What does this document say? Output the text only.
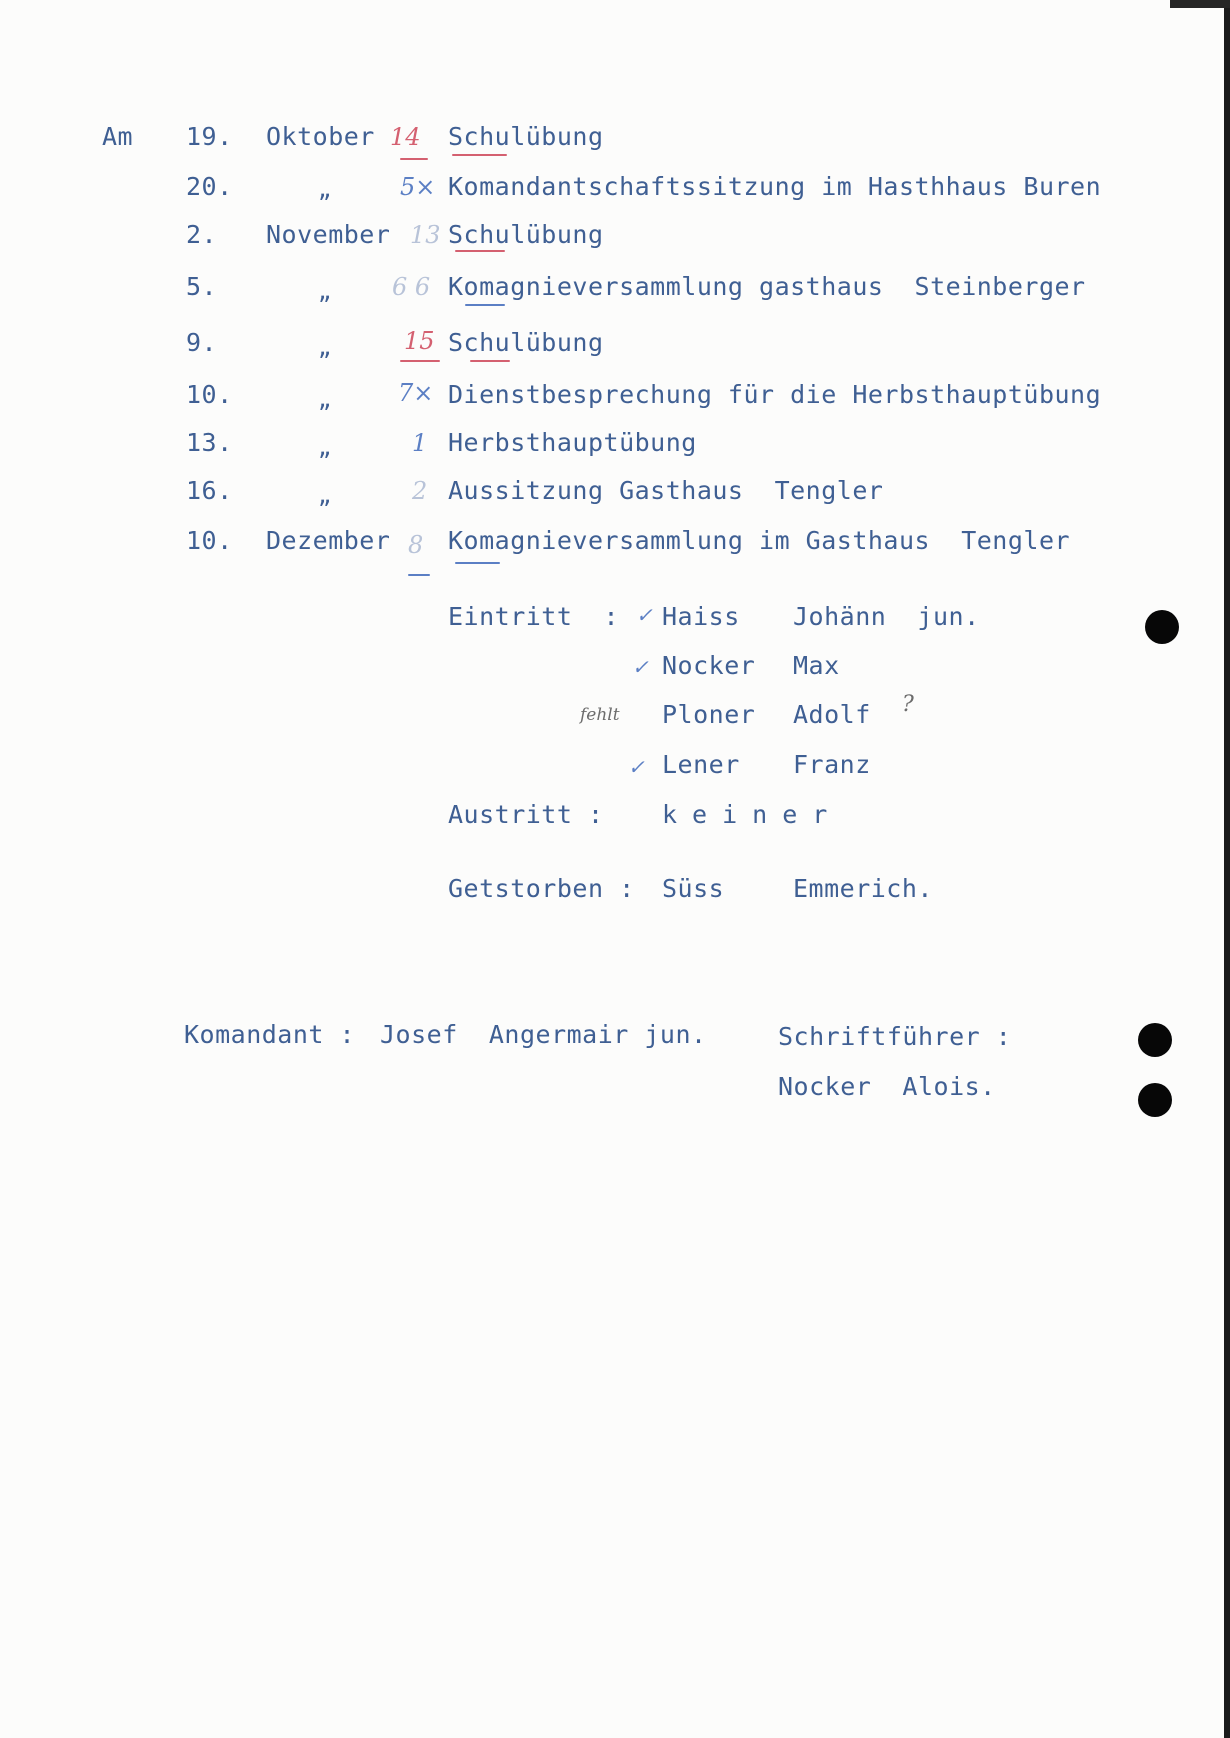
Am 19. Oktober 14 Schulübung
20.	„	5× Komandantschaftssitzung im Hasthhaus Buren
2. November 13 Schulübung
5.	„	6 6 Komagnieversammlung gasthaus  Steinberger
9.	„	15 Schulübung
10.	„	7× Dienstbesprechung für die Herbsthauptübung
13.	„	1 Herbsthauptübung
16.	„	2 Aussitzung Gasthaus  Tengler
10. Dezember 8 Komagnieversammlung im Gasthaus  Tengler
Eintritt  : ✓ Haiss Johänn  jun.
✓ Nocker Max
fehlt Ploner Adolf ?
✓ Lener Franz
Austritt : keiner
Getstorben : Süss	Emmerich.
Komandant : Josef  Angermair jun.	Schriftführer :
Nocker  Alois.
